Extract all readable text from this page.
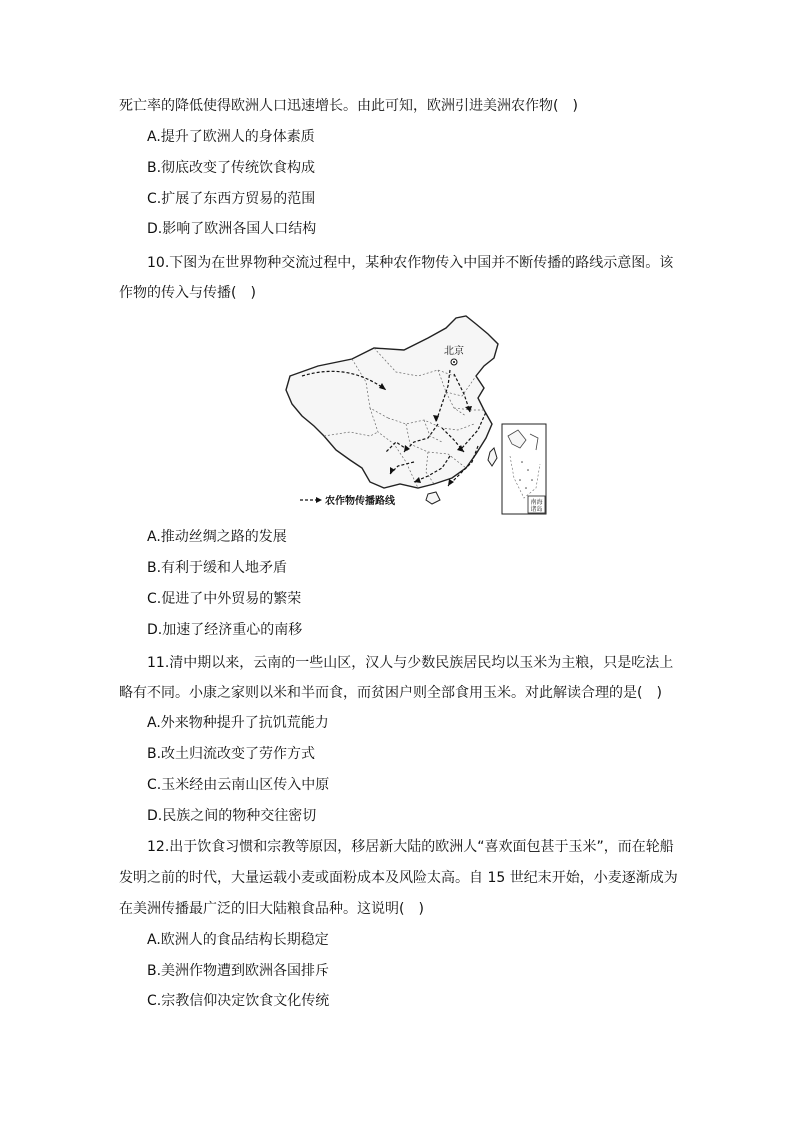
死亡率的降低使得欧洲人口迅速增长。由此可知，欧洲引进美洲农作物(　)
A.提升了欧洲人的身体素质
B.彻底改变了传统饮食构成
C.扩展了东西方贸易的范围
D.影响了欧洲各国人口结构
10.下图为在世界物种交流过程中，某种农作物传入中国并不断传播的路线示意图。该
作物的传入与传播(　)
北京
南海
诸岛
农作物传播路线
A.推动丝绸之路的发展
B.有利于缓和人地矛盾
C.促进了中外贸易的繁荣
D.加速了经济重心的南移
11.清中期以来，云南的一些山区，汉人与少数民族居民均以玉米为主粮，只是吃法上
略有不同。小康之家则以米和半而食，而贫困户则全部食用玉米。对此解读合理的是(　)
A.外来物种提升了抗饥荒能力
B.改土归流改变了劳作方式
C.玉米经由云南山区传入中原
D.民族之间的物种交往密切
12.出于饮食习惯和宗教等原因，移居新大陆的欧洲人“喜欢面包甚于玉米”，而在轮船
发明之前的时代，大量运载小麦或面粉成本及风险太高。自 15 世纪末开始，小麦逐渐成为
在美洲传播最广泛的旧大陆粮食品种。这说明(　)
A.欧洲人的食品结构长期稳定
B.美洲作物遭到欧洲各国排斥
C.宗教信仰决定饮食文化传统
